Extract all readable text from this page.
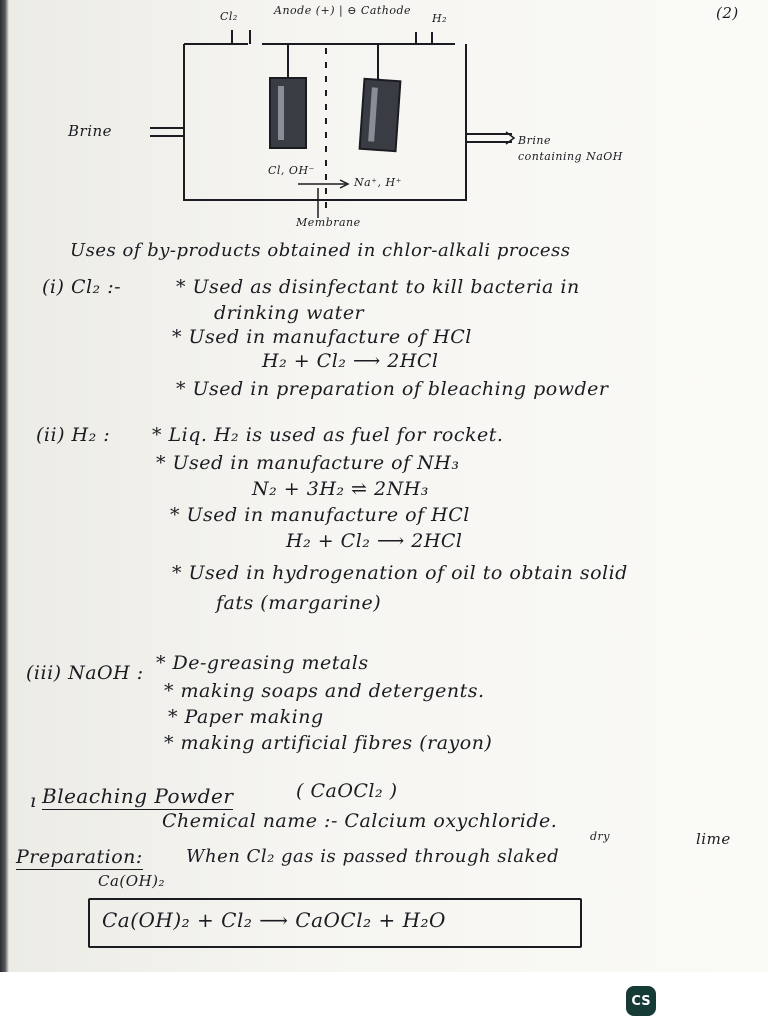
(2)
Cl₂	Anode (+) | ⊖ Cathode
H₂
Brine
Brine
containing NaOH
Cl, OH⁻
Na⁺, H⁺
Membrane
Uses of by-products obtained in chlor-alkali process
(i) Cl₂ :-	* Used as disinfectant to kill bacteria in
drinking water
* Used in manufacture of HCl
H₂ + Cl₂ ⟶ 2HCl
* Used in preparation of bleaching powder
(ii) H₂ : * Liq. H₂ is used as fuel for rocket.
* Used in manufacture of NH₃
N₂ + 3H₂ ⇌ 2NH₃
* Used in manufacture of HCl
H₂ + Cl₂ ⟶ 2HCl
* Used in hydrogenation of oil to obtain solid
fats (margarine)
(iii) NaOH : * De-greasing metals
* making soaps and detergents.
* Paper making
* making artificial fibres (rayon)
ı Bleaching Powder	( CaOCl₂ )
Chemical name :- Calcium oxychloride.
Preparation: When Cl₂ gas is passed through slaked
dry	lime
Ca(OH)₂
Ca(OH)₂ + Cl₂ ⟶ CaOCl₂ + H₂O
CS
